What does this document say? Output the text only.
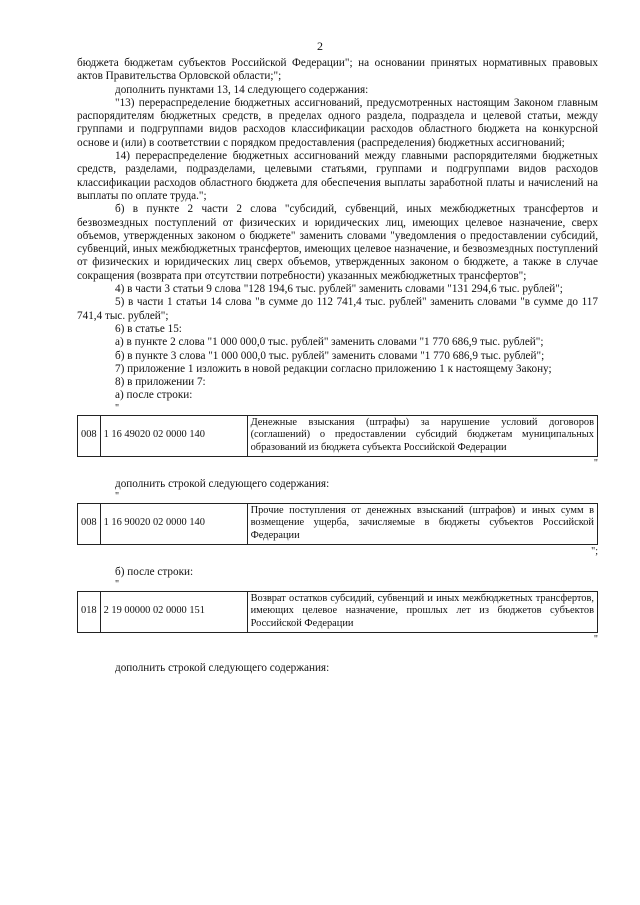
2

бюджета бюджетам субъектов Российской Федерации"; на основании принятых нормативных правовых актов Правительства Орловской области;";

дополнить пунктами 13, 14 следующего содержания:

"13) перераспределение бюджетных ассигнований, предусмотренных настоящим Законом главным распорядителям бюджетных средств, в пределах одного раздела, подраздела и целевой статьи, между группами и подгруппами видов расходов классификации расходов областного бюджета на конкурсной основе и (или) в соответствии с порядком предоставления (распределения) бюджетных ассигнований;

14) перераспределение бюджетных ассигнований между главными распорядителями бюджетных средств, разделами, подразделами, целевыми статьями, группами и подгруппами видов расходов классификации расходов областного бюджета для обеспечения выплаты заработной платы и начислений на выплаты по оплате труда.";

б) в пункте 2 части 2 слова "субсидий, субвенций, иных межбюджетных трансфертов и безвозмездных поступлений от физических и юридических лиц, имеющих целевое назначение, сверх объемов, утвержденных законом о бюджете" заменить словами "уведомления о предоставлении субсидий, субвенций, иных межбюджетных трансфертов, имеющих целевое назначение, и безвозмездных поступлений от физических и юридических лиц сверх объемов, утвержденных законом о бюджете, а также в случае сокращения (возврата при отсутствии потребности) указанных межбюджетных трансфертов";

4) в части 3 статьи 9 слова "128 194,6 тыс. рублей" заменить словами "131 294,6 тыс. рублей";

5) в части 1 статьи 14 слова "в сумме до 112 741,4 тыс. рублей" заменить словами "в сумме до 117 741,4 тыс. рублей";

6) в статье 15:

а) в пункте 2 слова "1 000 000,0 тыс. рублей" заменить словами "1 770 686,9 тыс. рублей";

б) в пункте 3 слова "1 000 000,0 тыс. рублей" заменить словами "1 770 686,9 тыс. рублей";

7) приложение 1 изложить в новой редакции согласно приложению 1 к настоящему Закону;

8) в приложении 7:

а) после строки:

"

008	1 16 49020 02 0000 140	Денежные взыскания (штрафы) за нарушение условий договоров (соглашений) о предоставлении субсидий бюджетам муниципальных образований из бюджета субъекта Российской Федерации

"

дополнить строкой следующего содержания:

"

008	1 16 90020 02 0000 140	Прочие поступления от денежных взысканий (штрафов) и иных сумм в возмещение ущерба, зачисляемые в бюджеты субъектов Российской Федерации

";

б) после строки:

"

018	2 19 00000 02 0000 151	Возврат остатков субсидий, субвенций и иных межбюджетных трансфертов, имеющих целевое назначение, прошлых лет из бюджетов субъектов Российской Федерации

"

дополнить строкой следующего содержания:
